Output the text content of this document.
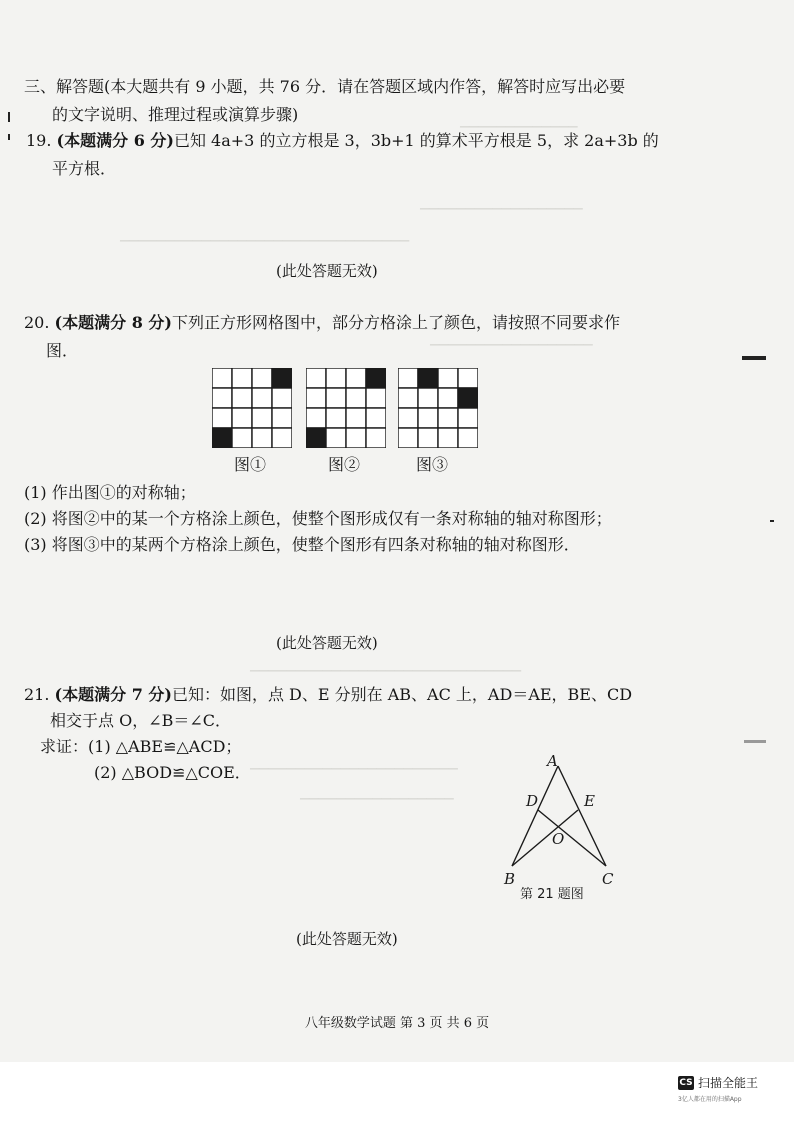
─────────────
──────────────────
────────────────────────────────
──────────────────
──────────────────────────────
───────────────────────
─────────────────
三、解答题(本大题共有 9 小题，共 76 分．请在答题区域内作答，解答时应写出必要
的文字说明、推理过程或演算步骤)
19. (本题满分 6 分)已知 4a+3 的立方根是 3，3b+1 的算术平方根是 5，求 2a+3b 的
平方根．
(此处答题无效)
20. (本题满分 8 分)下列正方形网格图中，部分方格涂上了颜色，请按照不同要求作
图．
图①	图②	图③
(1) 作出图①的对称轴；
(2) 将图②中的某一个方格涂上颜色，使整个图形成仅有一条对称轴的轴对称图形；
(3) 将图③中的某两个方格涂上颜色，使整个图形有四条对称轴的轴对称图形．
(此处答题无效)
21. (本题满分 7 分)已知：如图，点 D、E 分别在 AB、AC 上，AD＝AE，BE、CD
相交于点 O，∠B＝∠C．
求证：(1) △ABE≌△ACD；
(2) △BOD≌△COE．
A
D	E
O
B	C
第 21 题图
(此处答题无效)
八年级数学试题 第 3 页 共 6 页
CS 扫描全能王
3亿人都在用的扫描App
